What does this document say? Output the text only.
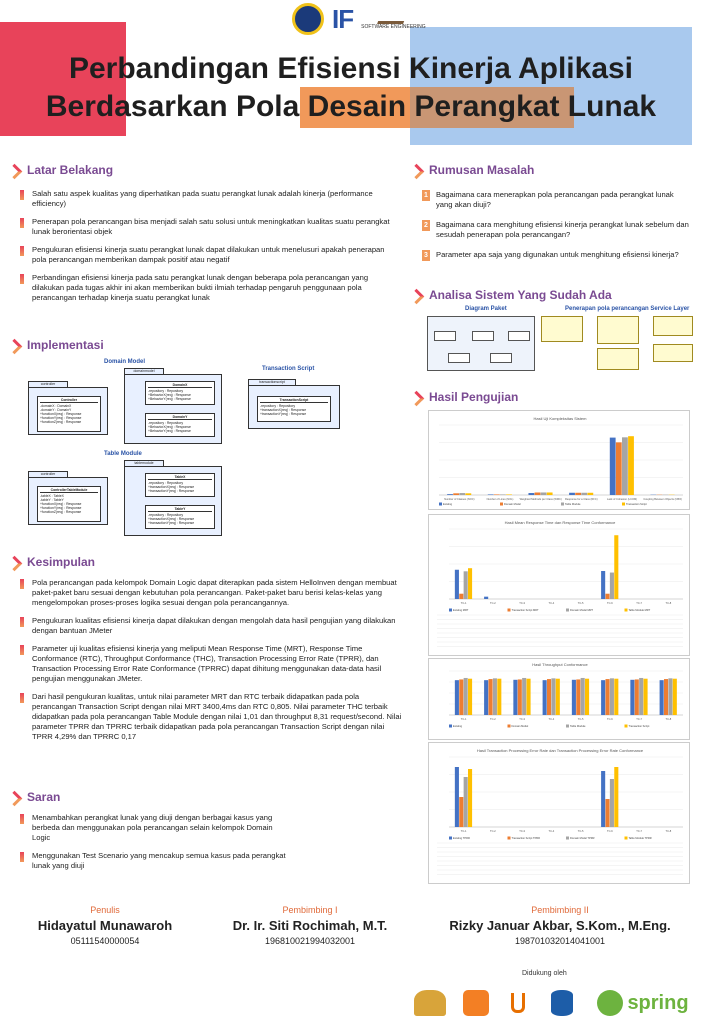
IF SOFTWARE ENGINEERING
Perbandingan Efisiensi Kinerja Aplikasi
Berdasarkan Pola Desain Perangkat Lunak
Latar Belakang
Salah satu aspek kualitas yang diperhatikan pada suatu perangkat lunak adalah kinerja (performance efficiency)
Penerapan pola perancangan bisa menjadi salah satu solusi untuk meningkatkan kualitas suatu perangkat lunak berorientasi objek
Pengukuran efisiensi kinerja suatu perangkat lunak dapat dilakukan untuk menelusuri apakah penerapan pola perancangan memberikan dampak positif atau negatif
Perbandingan efisiensi kinerja pada satu perangkat lunak dengan beberapa pola perancangan yang dilakukan pada tugas akhir ini akan memberikan bukti ilmiah terhadap pengaruh penggunaan pola perancangan terhadap kinerja suatu perangkat lunak
Rumusan Masalah
1 Bagaimana cara menerapkan pola perancangan pada perangkat lunak yang akan diuji?
2 Bagaimana cara menghitung efisiensi kinerja perangkat lunak sebelum dan sesudah penerapan pola perancangan?
3 Parameter apa saja yang digunakan untuk menghitung efisiensi kinerja?
Analisa Sistem Yang Sudah Ada
Diagram Paket	Penerapan pola perancangan Service Layer
Implementasi
Domain Model
Transaction Script
Table Module
controller
Controller
-domainX : DomainX
-domainY : DomainY
+functionX(req) : Response
+functionY(req) : Response
+functionZ(req) : Response
domainmodel
DomainX
-repository : Repository
+BehaviorX(req) : Response
+BehaviorY(req) : Response
DomainY
-repository : Repository
+BehaviorX(req) : Response
+BehaviorY(req) : Response
transactionscript
TransactionScript
-repository : Repository
+transactionX(req) : Response
+transactionY(req) : Response
controller
ControllerTableModule
-tableX : TableX
-tableY : TableY
+functionX(req) : Response
+functionY(req) : Response
+functionZ(req) : Response
tablemodule
TableX
-repository : Repository
+transactionX(req) : Response
+transactionY(req) : Response
TableY
-repository : Repository
+transactionX(req) : Response
+transactionY(req) : Response
Hasil Pengujian
Hasil Uji Kompleksitas Sistem
Number of Classes (NOC)	Number of Lines (NOL) Weighted Methods per Class (WMC) Response for a Class (RFC)	Lack of Cohesion (LCOM) Coupling Between Objects (CBO)
Existing	Domain Model	Table Module	Transaction Script
Hasil Mean Response Time dan Response Time Conformance
TC-1	TC-2	TC-3	TC-4	TC-5	TC-6	TC-7	TC-8
Existing MRT	Transaction Script MRT	Domain Model MRT	Table Module MRT
Hasil Throughput Conformance
TC-1	TC-2	TC-3	TC-4	TC-5	TC-6	TC-7	TC-8
Existing	Domain Model	Table Module	Transaction Script
Hasil Transaction Processing Error Rate dan Transaction Processing Error Rate Conformance
TC-1	TC-2	TC-3	TC-4	TC-5	TC-6	TC-7	TC-8
Existing TPRR	Transaction Script TPRR	Domain Model TPRR	Table Module TPRR
Kesimpulan
Pola perancangan pada kelompok Domain Logic dapat diterapkan pada sistem HelloInven dengan membuat paket-paket baru sesuai dengan kebutuhan pola perancangan. Paket-paket baru berisi kelas-kelas yang mengelompokan proses-proses logika sesuai dengan pola perancangannya.
Pengukuran kualitas efisiensi kinerja dapat dilakukan dengan mengolah data hasil pengujian yang dilakukan dengan bantuan JMeter
Parameter uji kualitas efisiensi kinerja yang meliputi Mean Response Time (MRT), Response Time Conformance (RTC), Throughput Conformance (THC), Transaction Processing Error Rate (TPRR), dan Transaction Processing Error Rate Conformance (TPRRC) dapat dihitung menggunakan data-data hasil pengujian menggunakan JMeter.
Dari hasil pengukuran kualitas, untuk nilai parameter MRT dan RTC terbaik didapatkan pada pola perancangan Transaction Script dengan nilai MRT 3400,4ms dan RTC 0,805. Nilai parameter THC terbaik didapatkan pada pola perancangan Table Module dengan nilai 1,01 dan throughput 8,31 request/second. Nilai parameter TPRR dan TPRRC terbaik didapatkan pada pola perancangan Transaction Script dengan nilai TPRR 4,29% dan TPRRC 0,17
Saran
Menambahkan perangkat lunak yang diuji dengan berbagai kasus yang berbeda dan menggunakan pola perancangan selain kelompok Domain Logic
Menggunakan Test Scenario yang mencakup semua kasus pada perangkat lunak yang diuji
Penulis
Hidayatul Munawaroh
05111540000054
Pembimbing I
Dr. Ir. Siti Rochimah, M.T.
196810021994032001
Pembimbing II
Rizky Januar Akbar, S.Kom., M.Eng.
198701032014041001
Didukung oleh
spring
